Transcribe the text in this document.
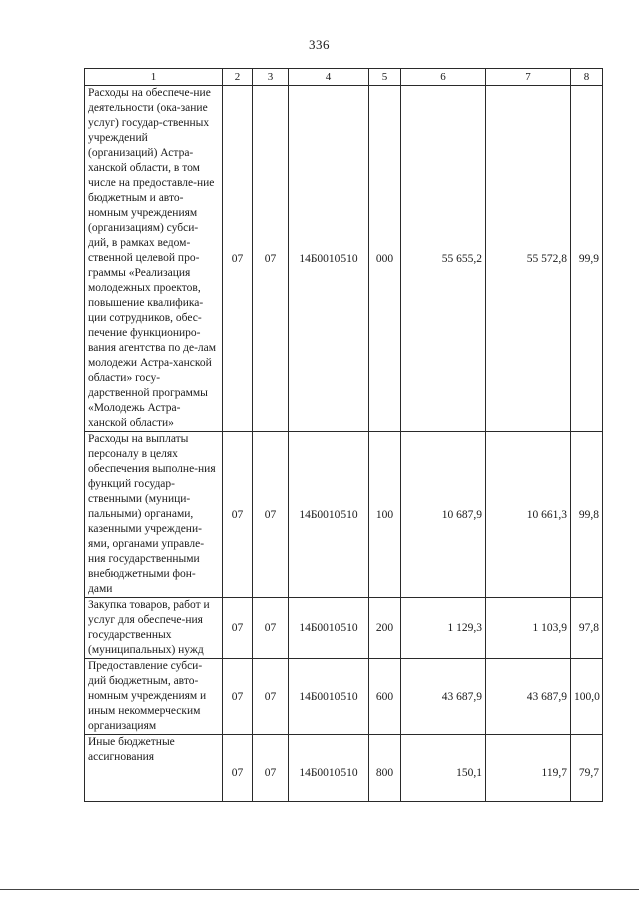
336
1	2	3	4	5	6	7	8
Расходы на обеспече-ние деятельности (ока-зание услуг) государ-ственных учреждений (организаций) Астра-ханской области, в том числе на предоставле-ние бюджетным и авто-номным учреждениям (организациям) субси-дий, в рамках ведом-ственной целевой про-граммы «Реализация молодежных проектов, повышение квалифика-ции сотрудников, обес-печение функциониро-вания агентства по де-лам молодежи Астра-ханской области» госу-дарственной программы «Молодежь Астра-ханской области»	07	07	14Б0010510	000	55 655,2	55 572,8	99,9
Расходы на выплаты персоналу в целях обеспечения выполне-ния функций государ-ственными (муници-пальными) органами, казенными учреждени-ями, органами управле-ния государственными внебюджетными фон-дами	07	07	14Б0010510	100	10 687,9	10 661,3	99,8
Закупка товаров, работ и услуг для обеспече-ния государственных (муниципальных) нужд	07	07	14Б0010510	200	1 129,3	1 103,9	97,8
Предоставление субси-дий бюджетным, авто-номным учреждениям и иным некоммерческим организациям	07	07	14Б0010510	600	43 687,9	43 687,9	100,0
Иные бюджетные ассигнования	07	07	14Б0010510	800	150,1	119,7	79,7
